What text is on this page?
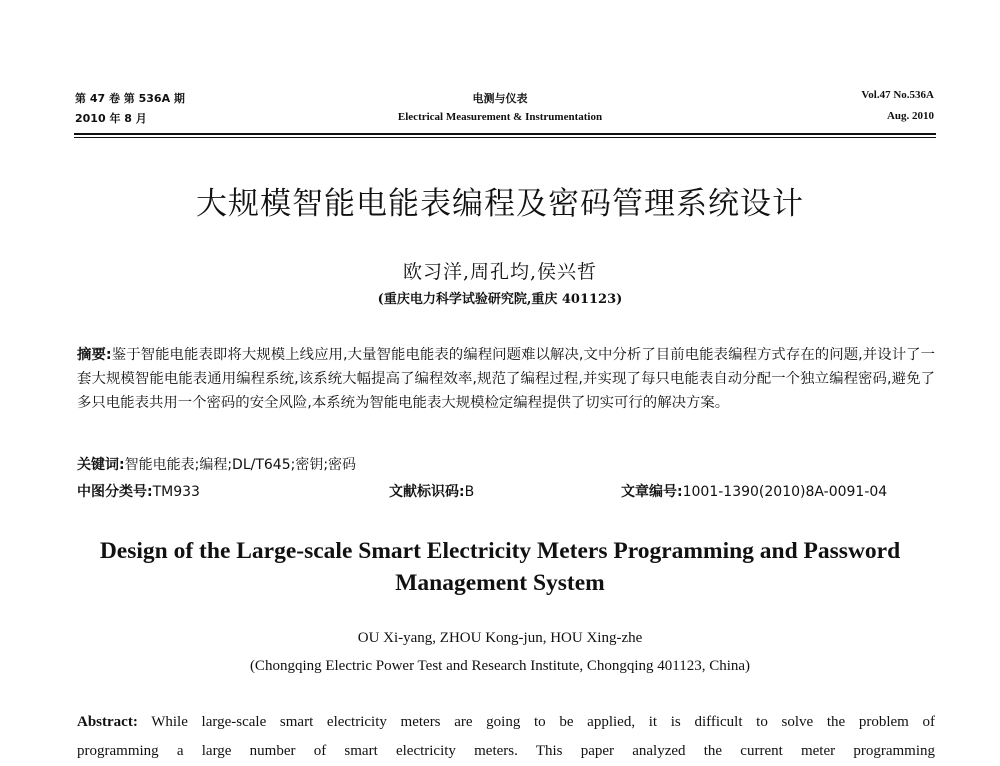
第 47 卷 第 536A 期
2010 年 8 月
电测与仪表
Electrical Measurement & Instrumentation
Vol.47 No.536A
Aug. 2010
大规模智能电能表编程及密码管理系统设计
欧习洋,周孔均,侯兴哲
(重庆电力科学试验研究院,重庆 401123)
摘要:鉴于智能电能表即将大规模上线应用,大量智能电能表的编程问题难以解决,文中分析了目前电能表编程方式存在的问题,并设计了一套大规模智能电能表通用编程系统,该系统大幅提高了编程效率,规范了编程过程,并实现了每只电能表自动分配一个独立编程密码,避免了多只电能表共用一个密码的安全风险,本系统为智能电能表大规模检定编程提供了切实可行的解决方案。
关键词:智能电能表;编程;DL/T645;密钥;密码
中图分类号:TM933	文献标识码:B	文章编号:1001-1390(2010)8A-0091-04
Design of the Large-scale Smart Electricity Meters Programming and Password
Management System
OU Xi-yang, ZHOU Kong-jun, HOU Xing-zhe
(Chongqing Electric Power Test and Research Institute, Chongqing 401123, China)
Abstract: While large-scale smart electricity meters are going to be applied, it is difficult to solve the problem of
programming a large number of smart electricity meters. This paper analyzed the current meter programming
